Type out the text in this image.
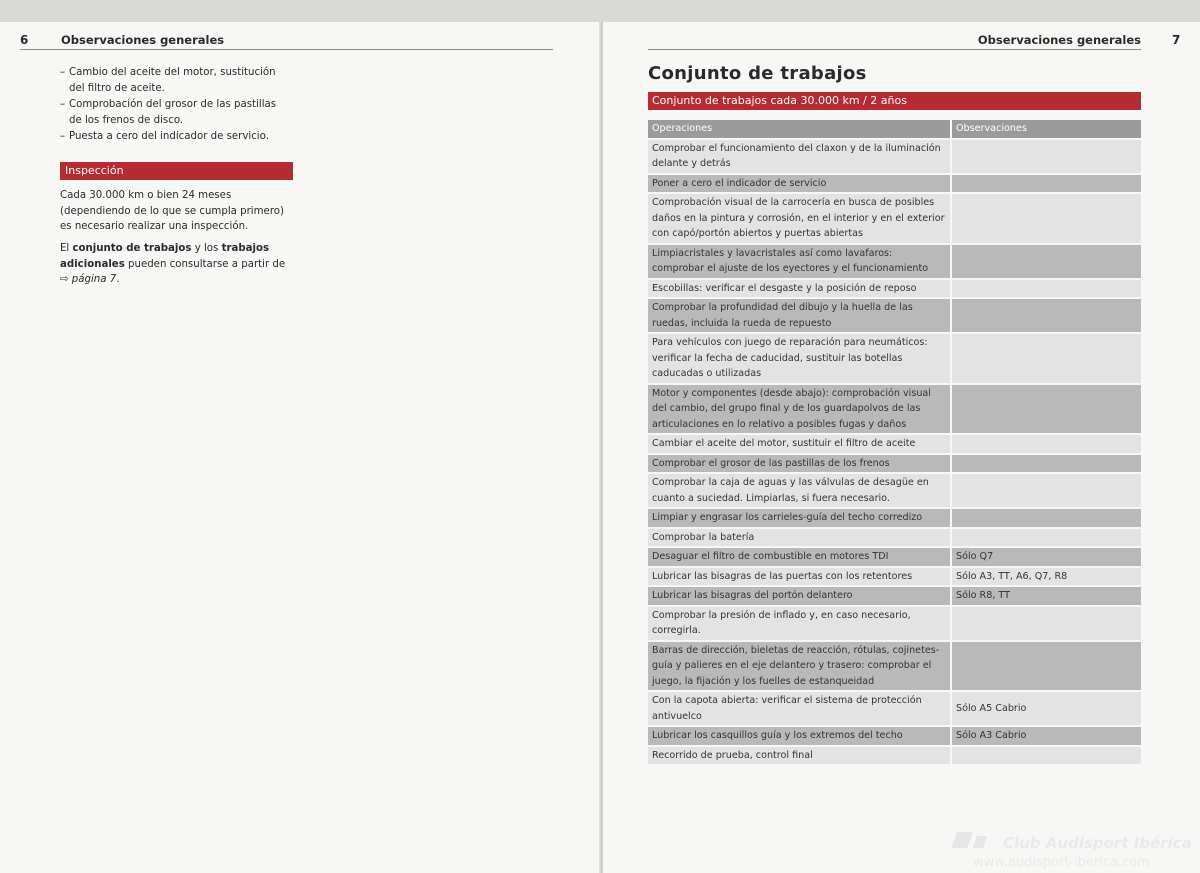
6	Observaciones generales
– Cambio del aceite del motor, sustitución del filtro de aceite.
– Comprobación del grosor de las pastillas de los frenos de disco.
– Puesta a cero del indicador de servicio.
Inspección
Cada 30.000 km o bien 24 meses (dependiendo de lo que se cumpla primero) es necesario realizar una inspección.
El conjunto de trabajos y los trabajos adicionales pueden consultarse a partir de
⇨ página 7.
Observaciones generales	7
Conjunto de trabajos
Conjunto de trabajos cada 30.000 km / 2 años
Operaciones	Observaciones
Comprobar el funcionamiento del claxon y de la iluminación delante y detrás	
Poner a cero el indicador de servicio	
Comprobación visual de la carrocería en busca de posibles daños en la pintura y corrosión, en el interior y en el exterior con capó/portón abiertos y puertas abiertas	
Limpiacristales y lavacristales así como lavafaros: comprobar el ajuste de los eyectores y el funcionamiento	
Escobillas: verificar el desgaste y la posición de reposo	
Comprobar la profundidad del dibujo y la huella de las ruedas, incluida la rueda de repuesto	
Para vehículos con juego de reparación para neumáticos: verificar la fecha de caducidad, sustituir las botellas caducadas o utilizadas	
Motor y componentes (desde abajo): comprobación visual del cambio, del grupo final y de los guardapolvos de las articulaciones en lo relativo a posibles fugas y daños	
Cambiar el aceite del motor, sustituir el filtro de aceite	
Comprobar el grosor de las pastillas de los frenos	
Comprobar la caja de aguas y las válvulas de desagüe en cuanto a suciedad. Limpiarlas, si fuera necesario.	
Limpiar y engrasar los carrieles-guía del techo corredizo	
Comprobar la batería	
Desaguar el filtro de combustible en motores TDI	Sólo Q7
Lubricar las bisagras de las puertas con los retentores	Sólo A3, TT, A6, Q7, R8
Lubricar las bisagras del portón delantero	Sólo R8, TT
Comprobar la presión de inflado y, en caso necesario, corregirla.	
Barras de dirección, bieletas de reacción, rótulas, cojinetes-guía y palieres en el eje delantero y trasero: comprobar el juego, la fijación y los fuelles de estanqueidad	
Con la capota abierta: verificar el sistema de protección antivuelco	Sólo A5 Cabrio
Lubricar los casquillos guía y los extremos del techo	Sólo A3 Cabrio
Recorrido de prueba, control final	
Club Audisport Ibérica
www.audisport-iberica.com
